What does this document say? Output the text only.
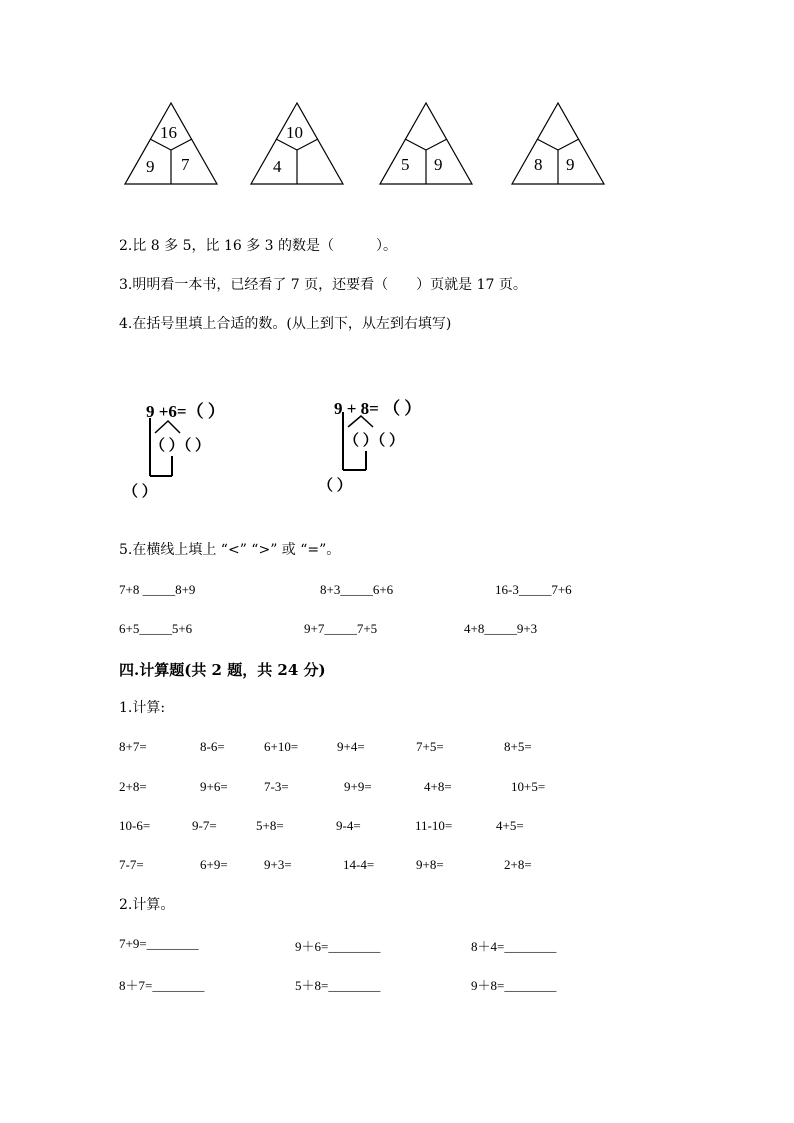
16
9 7
10
4	5 9	8 9
2.比 8 多 5，比 16 多 3 的数是（　　　）。
3.明明看一本书，已经看了 7 页，还要看（　　）页就是 17 页。
4.在括号里填上合适的数。(从上到下，从左到右填写)
9 +6=（ ）
（ ）（ ）
（ ）
9 + 8= （ ）
（ ）（ ）
（ ）
5.在横线上填上 “<” “>” 或 “=”。
7+8 _____8+9	8+3_____6+6	16-3_____7+6
6+5_____5+6	9+7_____7+5	4+8_____9+3
四.计算题(共 2 题，共 24 分)
1.计算:
8+7=	8-6=	6+10=	9+4=	7+5=	8+5=
2+8=	9+6=	7-3=	9+9=	4+8=	10+5=
10-6=	9-7=	5+8=	9-4=	11-10=	4+5=
7-7=	6+9=	9+3=	14-4=	9+8=	2+8=
2.计算。
7+9=________	9＋6=________	8＋4=________
8＋7=________	5＋8=________	9＋8=________
